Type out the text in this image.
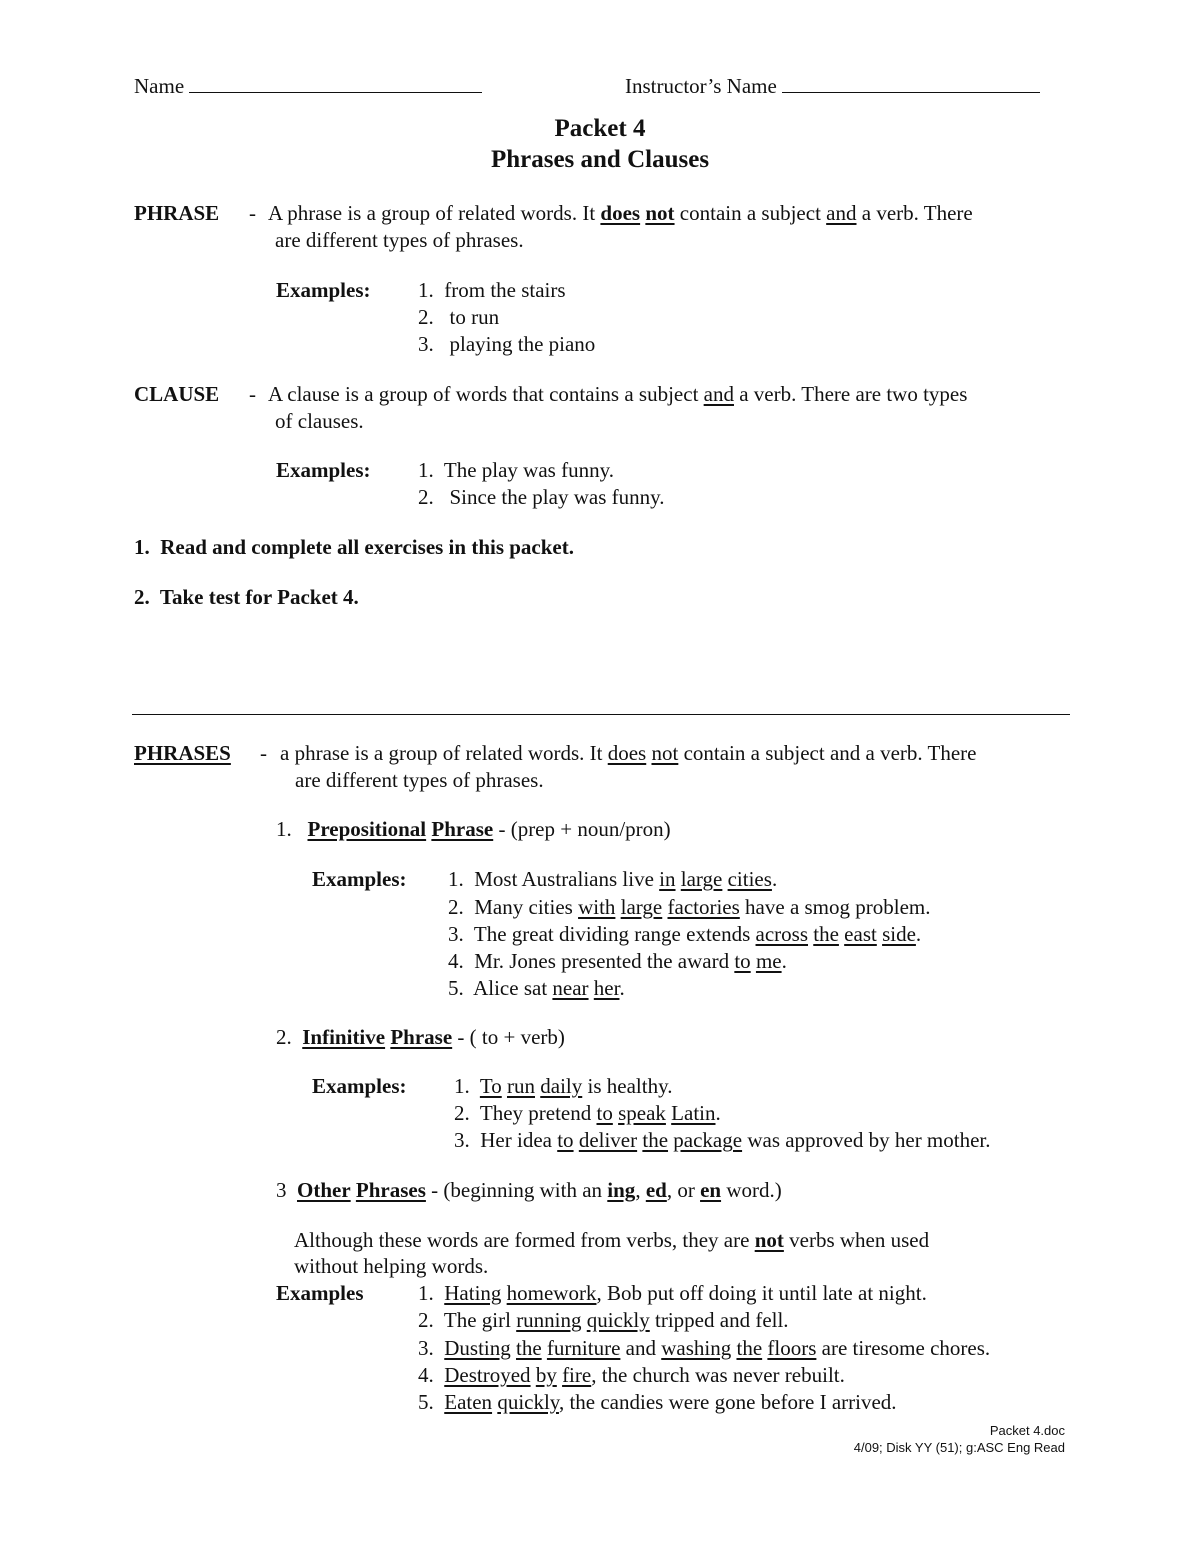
Name	Instructor’s Name
Packet 4
Phrases and Clauses
PHRASE - A phrase is a group of related words. It does not contain a subject and a verb. There
are different types of phrases.
Examples: 1. from the stairs
2. to run
3. playing the piano
CLAUSE - A clause is a group of words that contains a subject and a verb. There are two types
of clauses.
Examples: 1. The play was funny.
2. Since the play was funny.
1. Read and complete all exercises in this packet.
2. Take test for Packet 4.
PHRASES - a phrase is a group of related words. It does not contain a subject and a verb. There
are different types of phrases.
1. Prepositional Phrase - (prep + noun/pron)
Examples: 1. Most Australians live in large cities.
2. Many cities with large factories have a smog problem.
3. The great dividing range extends across the east side.
4. Mr. Jones presented the award to me.
5. Alice sat near her.
2. Infinitive Phrase - ( to + verb)
Examples: 1. To run daily is healthy.
2. They pretend to speak Latin.
3. Her idea to deliver the package was approved by her mother.
3 Other Phrases - (beginning with an ing, ed, or en word.)
Although these words are formed from verbs, they are not verbs when used
without helping words.
Examples	1. Hating homework, Bob put off doing it until late at night.
2. The girl running quickly tripped and fell.
3. Dusting the furniture and washing the floors are tiresome chores.
4. Destroyed by fire, the church was never rebuilt.
5. Eaten quickly, the candies were gone before I arrived.
Packet 4.doc
4/09; Disk YY (51); g:ASC Eng Read
